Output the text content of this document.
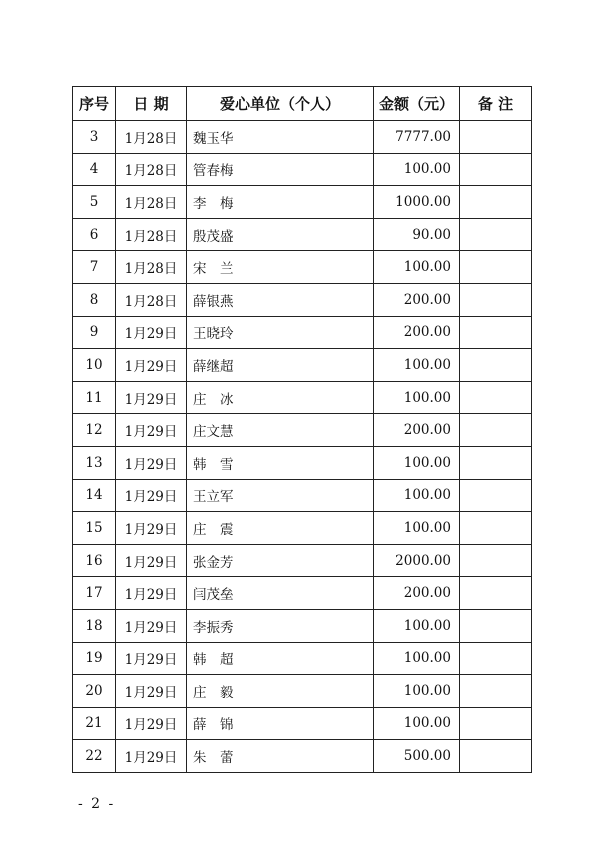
序号	日 期	爱心单位（个人）	金额（元）	备 注
3	1月28日	魏玉华	7777.00	
4	1月28日	管春梅	100.00	
5	1月28日	李　梅	1000.00	
6	1月28日	殷茂盛	90.00	
7	1月28日	宋　兰	100.00	
8	1月28日	薛银燕	200.00	
9	1月29日	王晓玲	200.00	
10	1月29日	薛继超	100.00	
11	1月29日	庄　冰	100.00	
12	1月29日	庄文慧	200.00	
13	1月29日	韩　雪	100.00	
14	1月29日	王立军	100.00	
15	1月29日	庄　震	100.00	
16	1月29日	张金芳	2000.00	
17	1月29日	闫茂垒	200.00	
18	1月29日	李振秀	100.00	
19	1月29日	韩　超	100.00	
20	1月29日	庄　毅	100.00	
21	1月29日	薛　锦	100.00	
22	1月29日	朱　蕾	500.00	
- 2 -
